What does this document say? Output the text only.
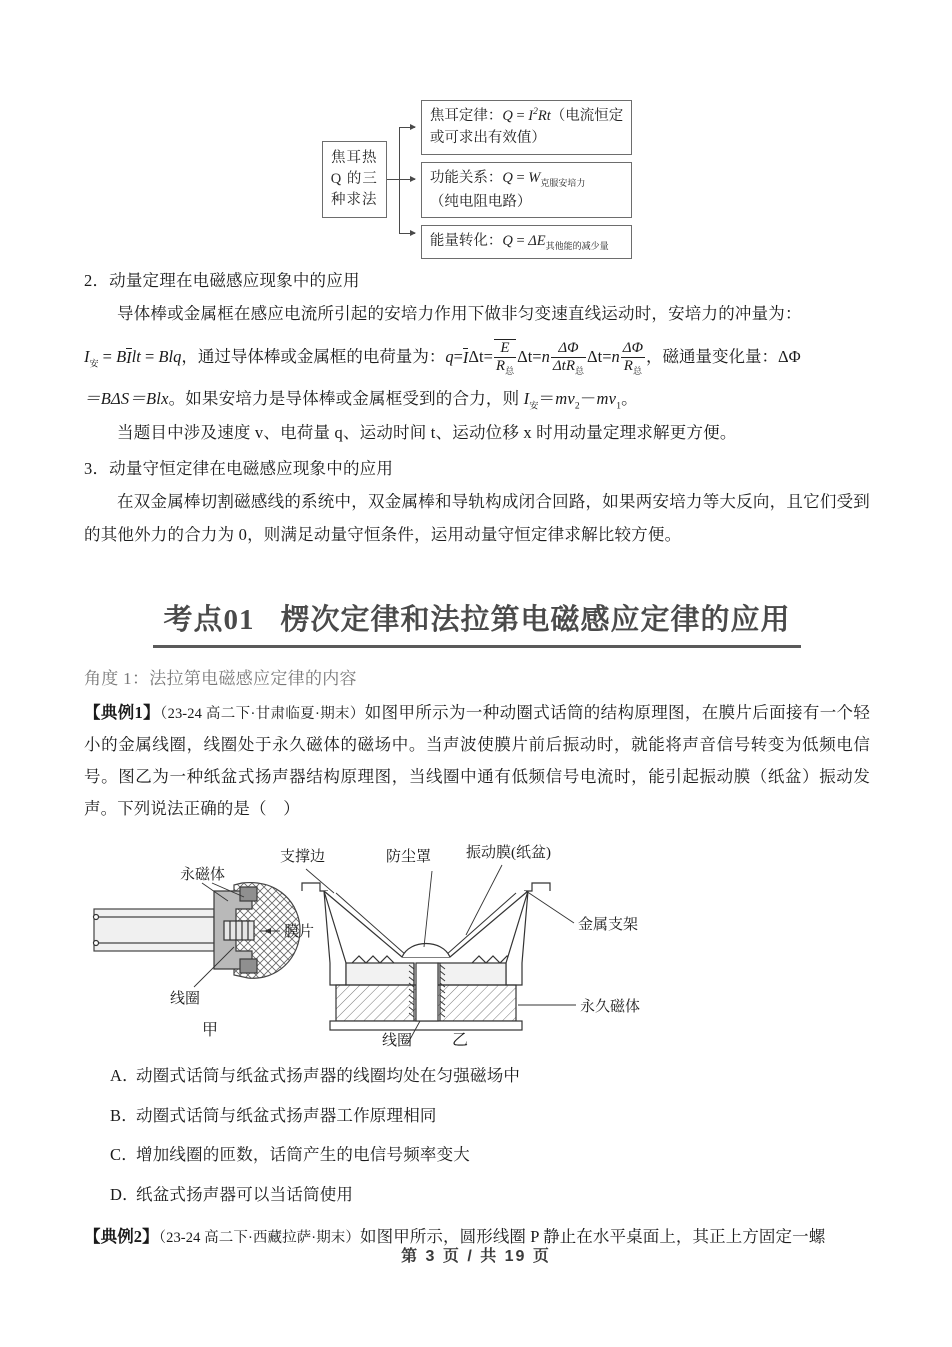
焦耳热
Q 的三
种求法
焦耳定律：$Q = I^2Rt$（电流恒定
或可求出有效值）
功能关系：$Q = W_{克服安培力}$
（纯电阻电路）
能量转化：$Q = \Delta E_{其他能的减少量}$
2．动量定理在电磁感应现象中的应用
导体棒或金属框在感应电流所引起的安培力作用下做非匀变速直线运动时，安培力的冲量为：
$I_安$ = BIlt = Blq，通过导体棒或金属框的电荷量为：$q=I\Delta t= \frac{E}{R_总} \Delta t=n \frac{\Delta\Phi}{\Delta tR_总} \Delta t=n \frac{\Delta\Phi}{R_总}$ ，磁通量变化量：ΔΦ
＝BΔS＝Blx。如果安培力是导体棒或金属框受到的合力，则 $I_安=mv_2-mv_1$。
当题目中涉及速度 v、电荷量 q、运动时间 t、运动位移 x 时用动量定理求解更方便。
3．动量守恒定律在电磁感应现象中的应用
在双金属棒切割磁感线的系统中，双金属棒和导轨构成闭合回路，如果两安培力等大反向，且它们受到的其他外力的合力为 0，则满足动量守恒条件，运用动量守恒定律求解比较方便。
考点01 楞次定律和法拉第电磁感应定律的应用
角度 1：法拉第电磁感应定律的内容
【典例1】（23-24 高二下·甘肃临夏·期末）如图甲所示为一种动圈式话筒的结构原理图，在膜片后面接有一个轻小的金属线圈，线圈处于永久磁体的磁场中。当声波使膜片前后振动时，就能将声音信号转变为低频电信号。图乙为一种纸盆式扬声器结构原理图，当线圈中通有低频信号电流时，能引起振动膜（纸盆）振动发声。下列说法正确的是（　）
永磁体
膜片
线圈
甲
支撑边	防尘罩 振动膜(纸盆)
金属支架
永久磁体
线圈 乙
A．动圈式话筒与纸盆式扬声器的线圈均处在匀强磁场中
B．动圈式话筒与纸盆式扬声器工作原理相同
C．增加线圈的匝数，话筒产生的电信号频率变大
D．纸盆式扬声器可以当话筒使用
【典例2】（23-24 高二下·西藏拉萨·期末）如图甲所示，圆形线圈 P 静止在水平桌面上，其正上方固定一螺
第 3 页 / 共 19 页
